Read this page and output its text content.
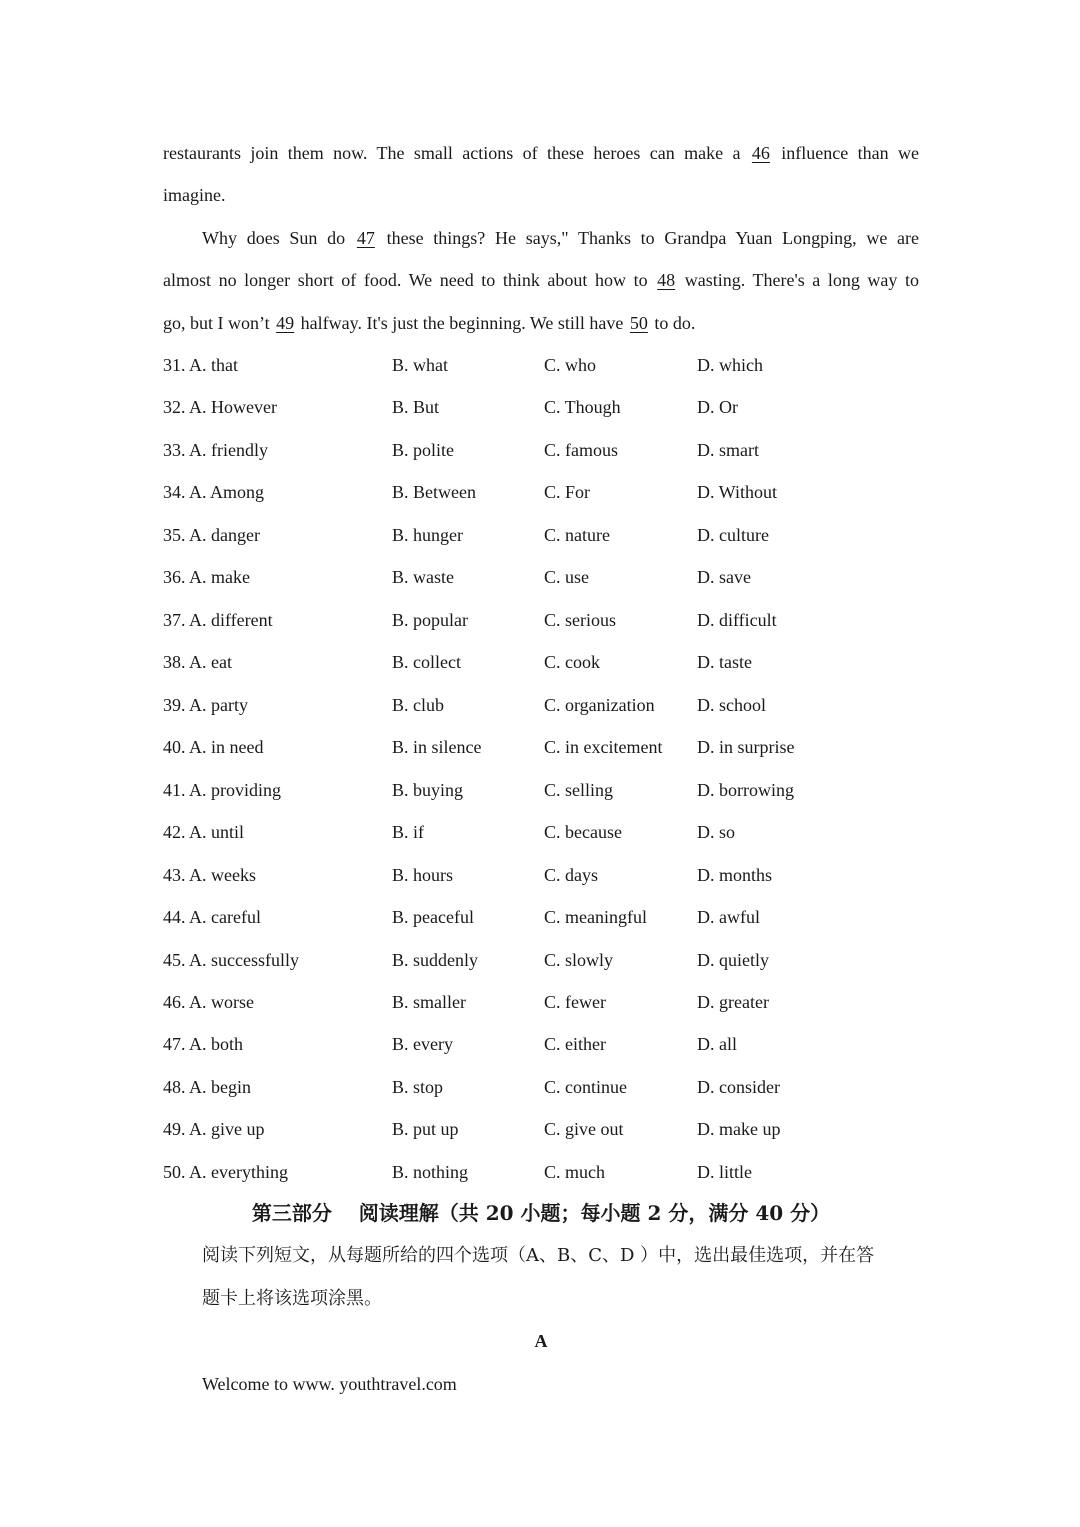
restaurants join them now. The small actions of these heroes can make a 46 influence than we
imagine.
Why does Sun do 47 these things? He says," Thanks to Grandpa Yuan Longping, we are
almost no longer short of food. We need to think about how to 48 wasting. There's a long way to
go, but I won’t 49 halfway. It's just the beginning. We still have 50 to do.
31. A. that	B. what	C. who	D. which
32. A. However	B. But	C. Though	D. Or
33. A. friendly	B. polite	C. famous	D. smart
34. A. Among	B. Between	C. For	D. Without
35. A. danger	B. hunger	C. nature	D. culture
36. A. make	B. waste	C. use	D. save
37. A. different	B. popular	C. serious	D. difficult
38. A. eat	B. collect	C. cook	D. taste
39. A. party	B. club	C. organization D. school
40. A. in need	B. in silence	C. in excitement D. in surprise
41. A. providing	B. buying	C. selling	D. borrowing
42. A. until	B. if	C. because	D. so
43. A. weeks	B. hours	C. days	D. months
44. A. careful	B. peaceful	C. meaningful	D. awful
45. A. successfully	B. suddenly	C. slowly	D. quietly
46. A. worse	B. smaller	C. fewer	D. greater
47. A. both	B. every	C. either	D. all
48. A. begin	B. stop	C. continue	D. consider
49. A. give up	B. put up	C. give out	D. make up
50. A. everything	B. nothing	C. much	D. little
第三部分　 阅读理解（共 20 小题；每小题 2 分，满分 40 分）
阅读下列短文，从每题所给的四个选项（A、B、C、D ）中，选出最佳选项，并在答
题卡上将该选项涂黑。
A
Welcome to www. youthtravel.com
